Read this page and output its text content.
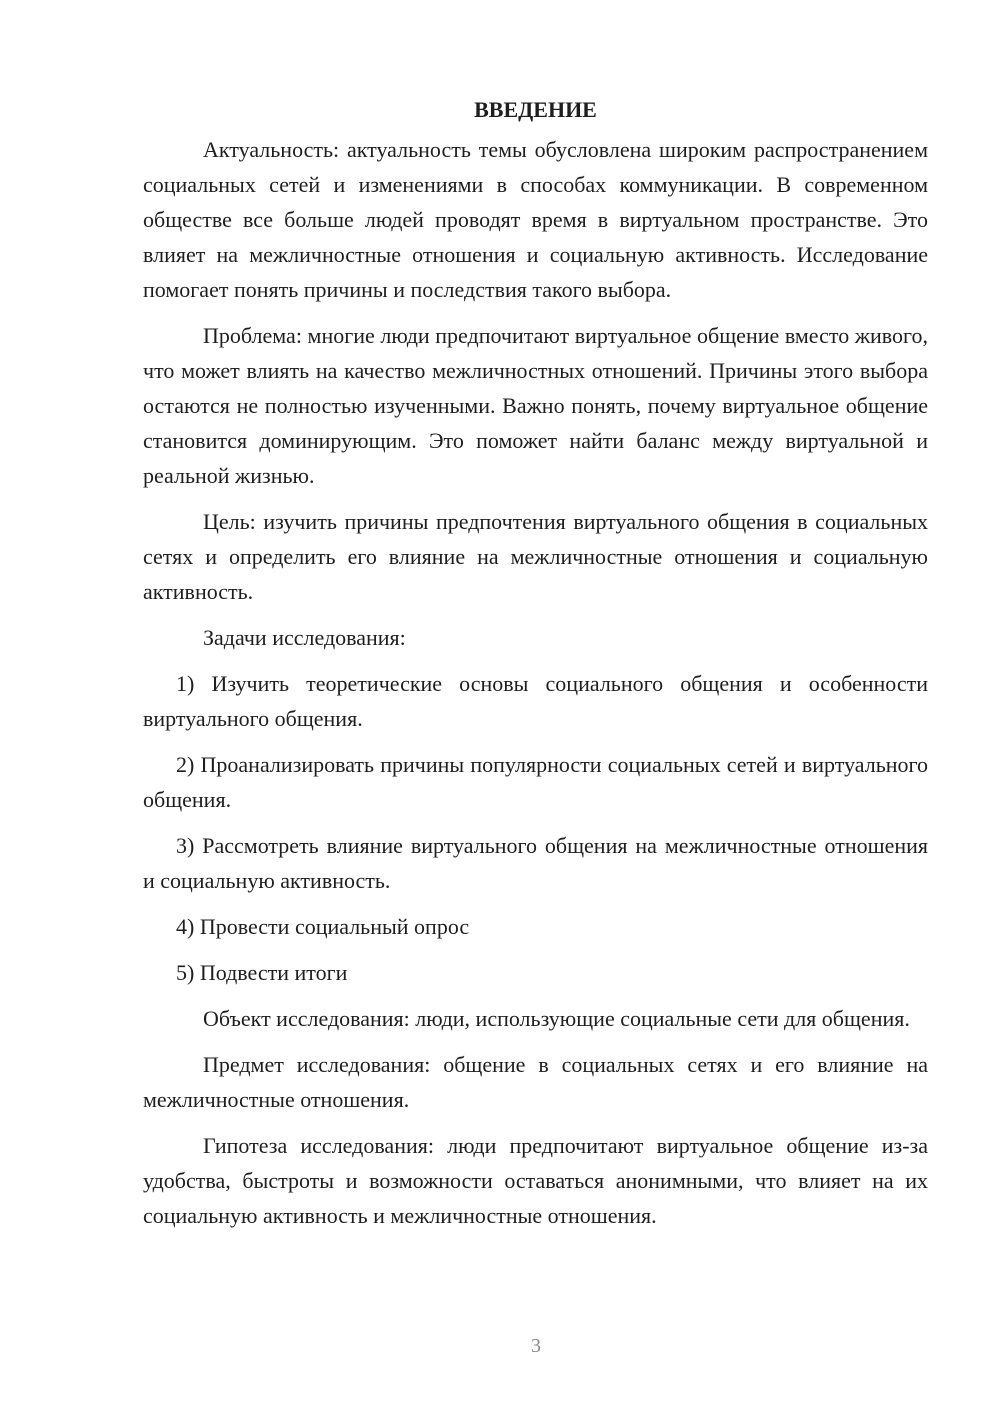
ВВЕДЕНИЕ

Актуальность: актуальность темы обусловлена широким распространением социальных сетей и изменениями в способах коммуникации. В современном обществе все больше людей проводят время в виртуальном пространстве. Это влияет на межличностные отношения и социальную активность. Исследование помогает понять причины и последствия такого выбора.

Проблема: многие люди предпочитают виртуальное общение вместо живого, что может влиять на качество межличностных отношений. Причины этого выбора остаются не полностью изученными. Важно понять, почему виртуальное общение становится доминирующим. Это поможет найти баланс между виртуальной и реальной жизнью.

Цель: изучить причины предпочтения виртуального общения в социальных сетях и определить его влияние на межличностные отношения и социальную активность.

Задачи исследования:

1) Изучить теоретические основы социального общения и особенности виртуального общения.

2) Проанализировать причины популярности социальных сетей и виртуального общения.

3) Рассмотреть влияние виртуального общения на межличностные отношения и социальную активность.

4) Провести социальный опрос

5) Подвести итоги

Объект исследования: люди, использующие социальные сети для общения.

Предмет исследования: общение в социальных сетях и его влияние на межличностные отношения.

Гипотеза исследования: люди предпочитают виртуальное общение из-за удобства, быстроты и возможности оставаться анонимными, что влияет на их социальную активность и межличностные отношения.

3
